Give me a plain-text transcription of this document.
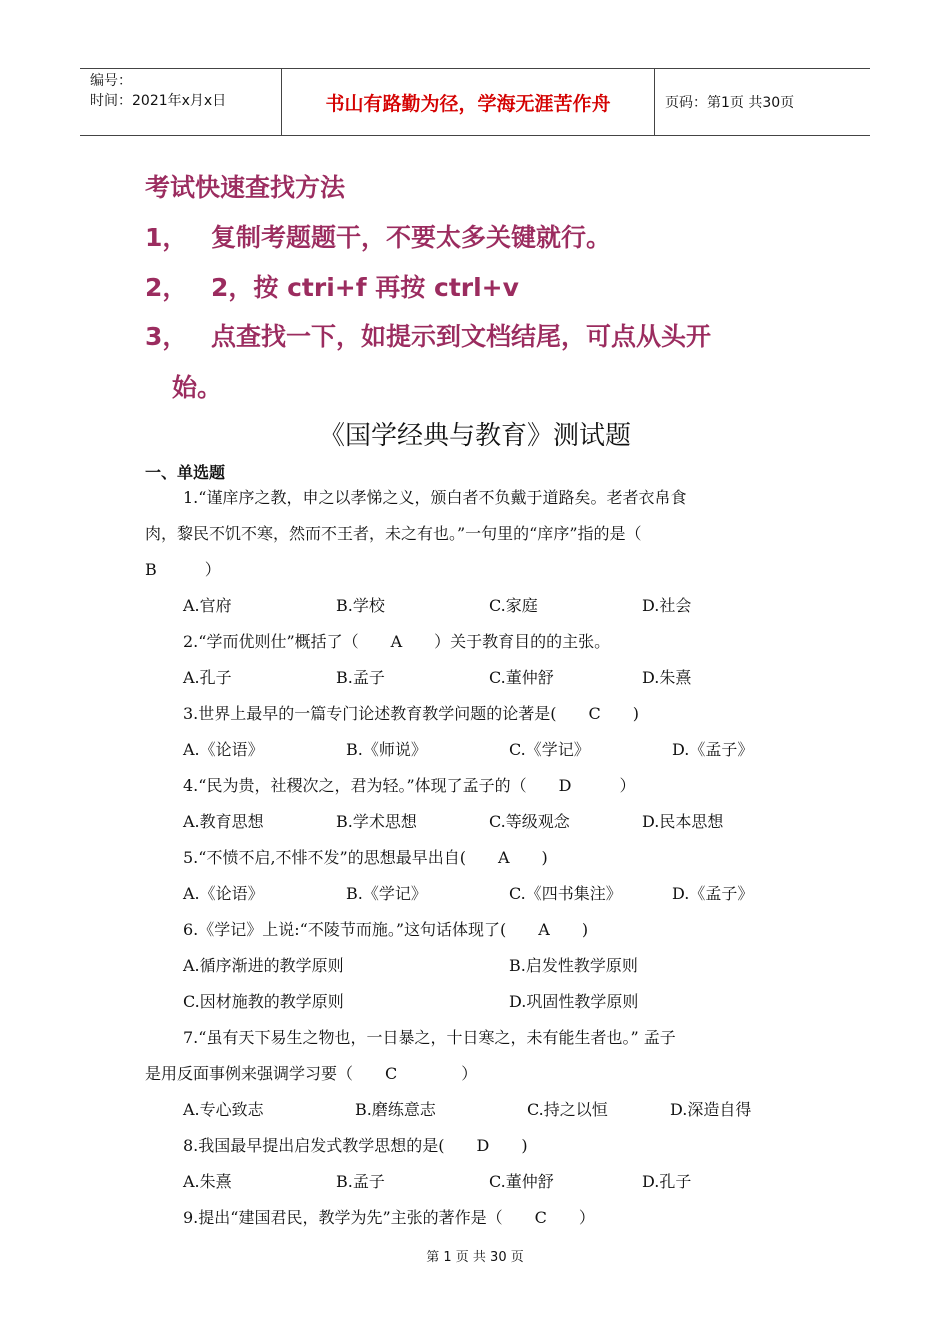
编号：
时间：2021年x月x日	书山有路勤为径，学海无涯苦作舟	页码：第1页 共30页
考试快速查找方法
1， 复制考题题干，不要太多关键就行。
2， 2，按 ctri+f 再按 ctrl+v
3， 点查找一下，如提示到文档结尾，可点从头开
始。
《国学经典与教育》测试题
一、单选题
1.“谨庠序之教，申之以孝悌之义，颁白者不负戴于道路矣。老者衣帛食
肉，黎民不饥不寒，然而不王者，未之有也。”一句里的“庠序”指的是（
B　　　）
A.官府	B.学校	C.家庭	D.社会
2.“学而优则仕”概括了（　　A　　）关于教育目的的主张。
A.孔子	B.孟子	C.董仲舒	D.朱熹
3.世界上最早的一篇专门论述教育教学问题的论著是(　　C　　)
A.《论语》	B.《师说》	C.《学记》	D.《孟子》
4.“民为贵，社稷次之，君为轻。”体现了孟子的（　　D　　　）
A.教育思想	B.学术思想	C.等级观念	D.民本思想
5.“不愤不启,不悱不发”的思想最早出自(　　A　　)
A.《论语》	B.《学记》	C.《四书集注》	D.《孟子》
6.《学记》上说:“不陵节而施。”这句话体现了(　　A　　)
A.循序渐进的教学原则	B.启发性教学原则
C.因材施教的教学原则	D.巩固性教学原则
7.“虽有天下易生之物也，一日暴之，十日寒之，未有能生者也。” 孟子
是用反面事例来强调学习要（　　C　　　　）
A.专心致志	B.磨练意志	C.持之以恒	D.深造自得
8.我国最早提出启发式教学思想的是(　　D　　)
A.朱熹	B.孟子	C.董仲舒	D.孔子
9.提出“建国君民，教学为先”主张的著作是（　　C　　）
第 1 页 共 30 页
